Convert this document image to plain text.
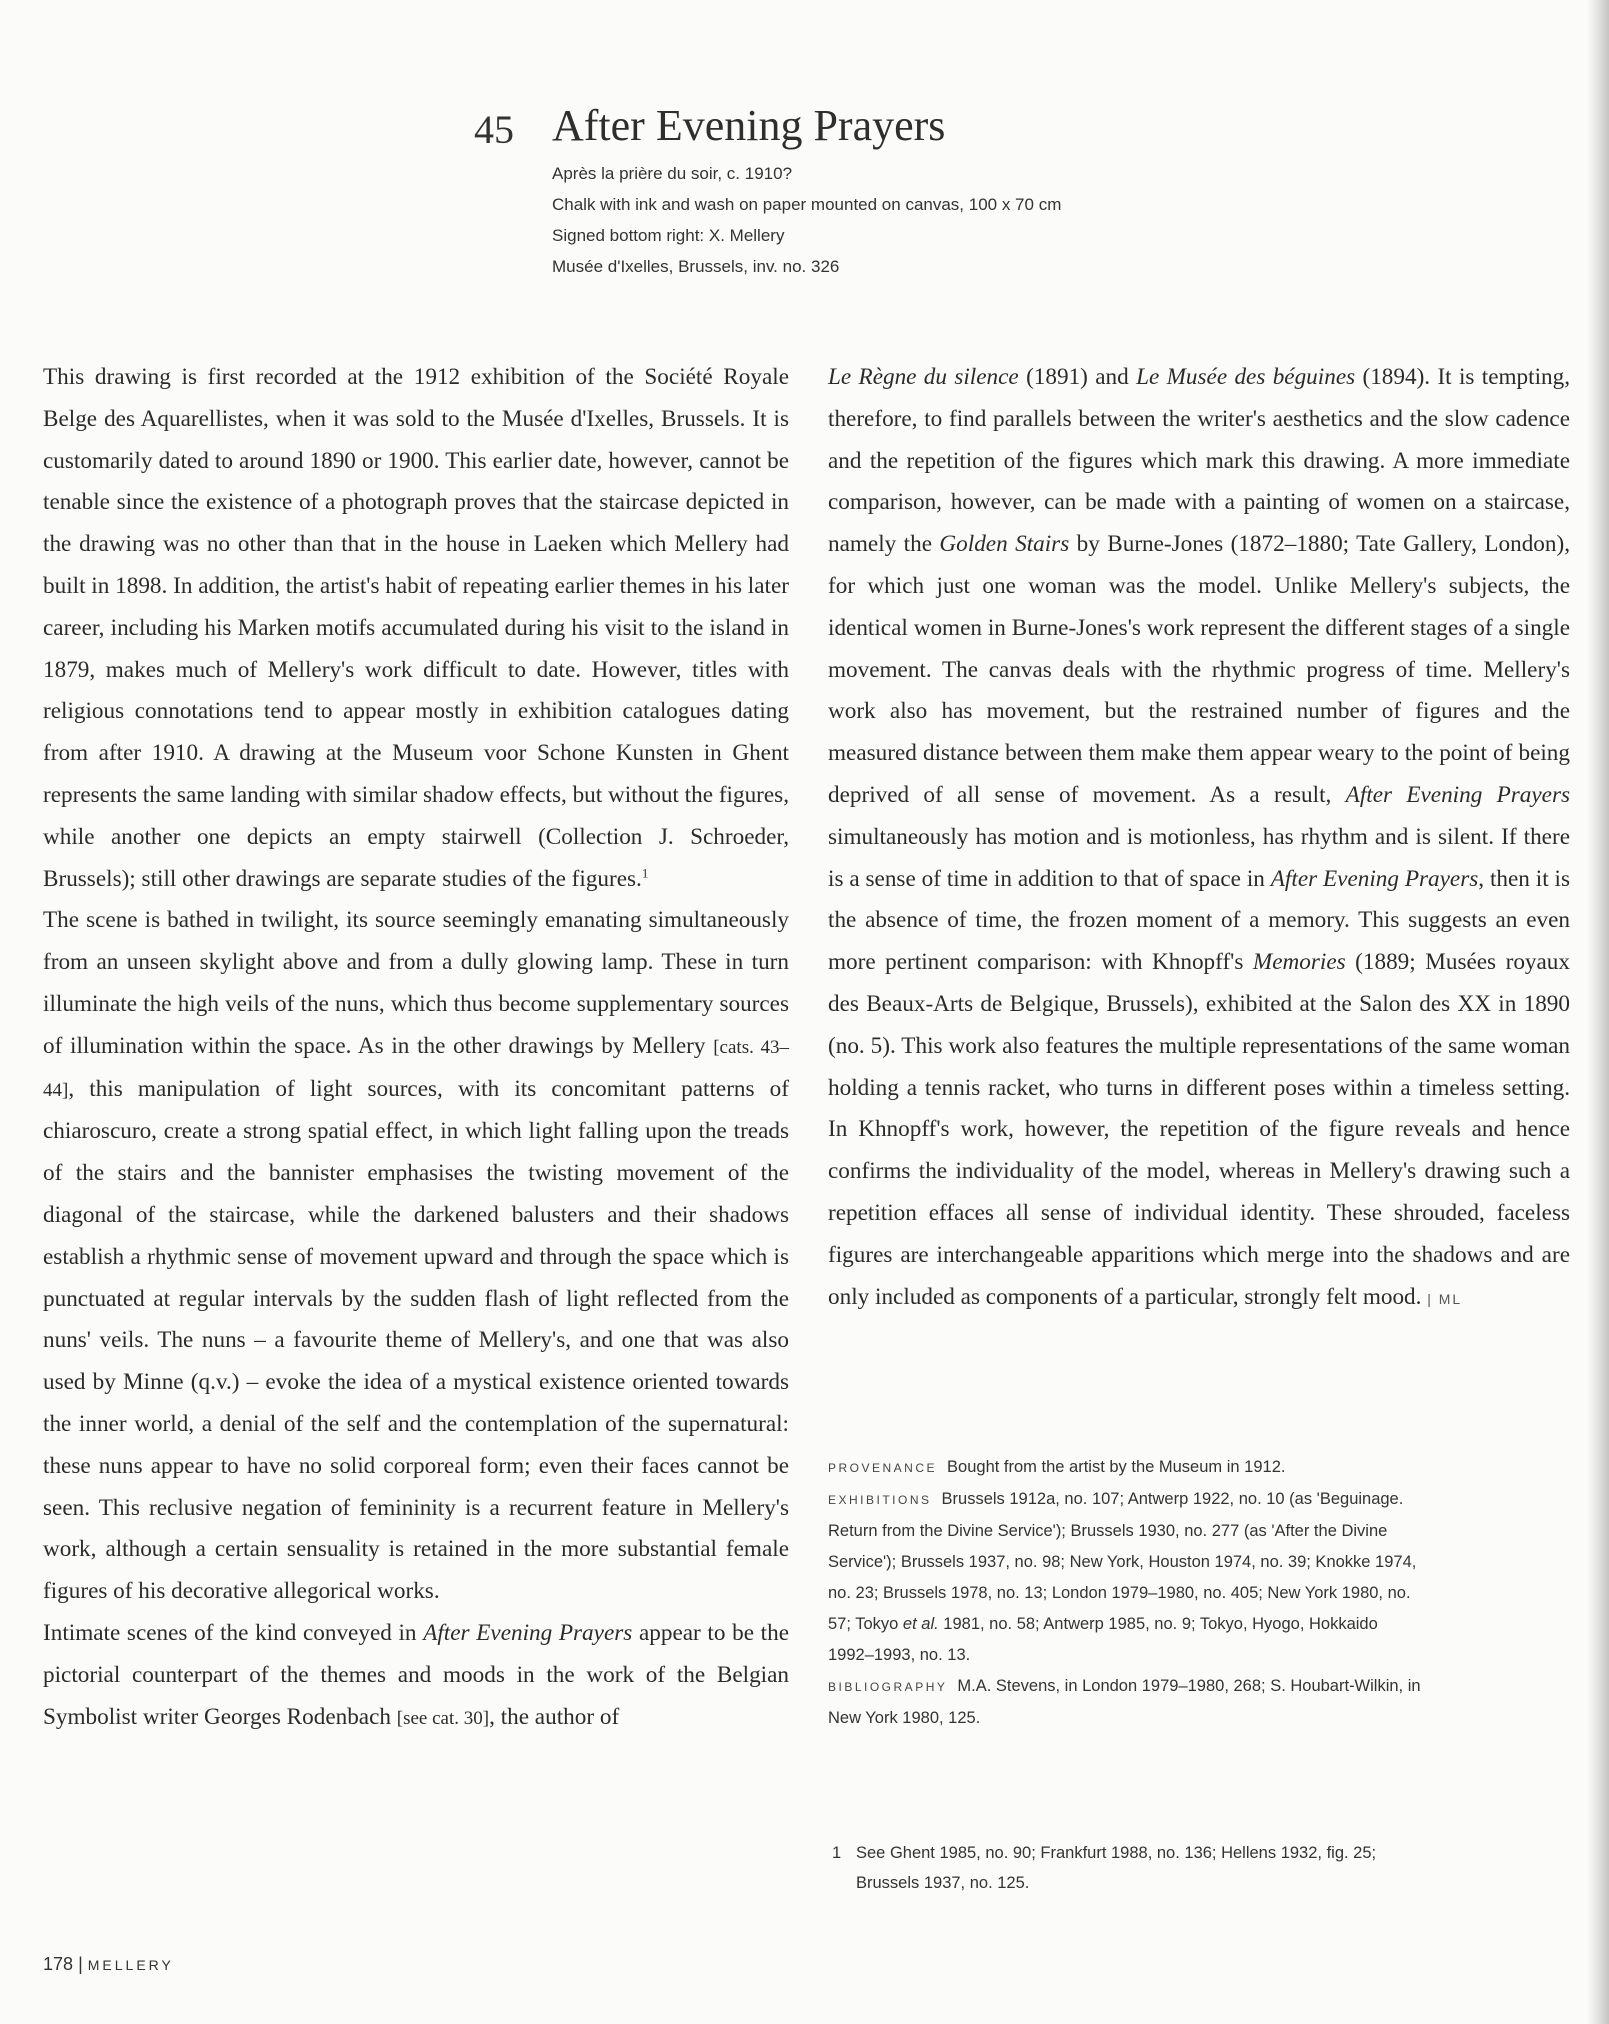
45 After Evening Prayers
Après la prière du soir, c. 1910?
Chalk with ink and wash on paper mounted on canvas, 100 x 70 cm
Signed bottom right: X. Mellery
Musée d'Ixelles, Brussels, inv. no. 326

This drawing is first recorded at the 1912 exhibition of the Société Royale Belge des Aquarellistes, when it was sold to the Musée d'Ixelles, Brussels. It is customarily dated to around 1890 or 1900. This earlier date, however, cannot be tenable since the existence of a photograph proves that the staircase depicted in the drawing was no other than that in the house in Laeken which Mellery had built in 1898. In addition, the artist's habit of repeating earlier themes in his later career, including his Marken motifs accumulated during his visit to the island in 1879, makes much of Mellery's work difficult to date. However, titles with religious connotations tend to appear mostly in exhibition catalogues dating from after 1910. A drawing at the Museum voor Schone Kunsten in Ghent represents the same landing with similar shadow effects, but without the figures, while another one depicts an empty stairwell (Collection J. Schroeder, Brussels); still other drawings are separate studies of the figures.$^1$

The scene is bathed in twilight, its source seemingly emanating simultaneously from an unseen skylight above and from a dully glowing lamp. These in turn illuminate the high veils of the nuns, which thus become supplementary sources of illumination within the space. As in the other drawings by Mellery [cats. 43–44], this manipulation of light sources, with its concomitant patterns of chiaroscuro, create a strong spatial effect, in which light falling upon the treads of the stairs and the bannister emphasises the twisting movement of the diagonal of the staircase, while the darkened balusters and their shadows establish a rhythmic sense of movement upward and through the space which is punctuated at regular intervals by the sudden flash of light reflected from the nuns' veils. The nuns – a favourite theme of Mellery's, and one that was also used by Minne (q.v.) – evoke the idea of a mystical existence oriented towards the inner world, a denial of the self and the contemplation of the supernatural: these nuns appear to have no solid corporeal form; even their faces cannot be seen. This reclusive negation of femininity is a recurrent feature in Mellery's work, although a certain sensuality is retained in the more substantial female figures of his decorative allegorical works.

Intimate scenes of the kind conveyed in After Evening Prayers appear to be the pictorial counterpart of the themes and moods in the work of the Belgian Symbolist writer Georges Rodenbach [see cat. 30], the author of

Le Règne du silence (1891) and Le Musée des béguines (1894). It is tempting, therefore, to find parallels between the writer's aesthetics and the slow cadence and the repetition of the figures which mark this drawing. A more immediate comparison, however, can be made with a painting of women on a staircase, namely the Golden Stairs by Burne-Jones (1872–1880; Tate Gallery, London), for which just one woman was the model. Unlike Mellery's subjects, the identical women in Burne-Jones's work represent the different stages of a single movement. The canvas deals with the rhythmic progress of time. Mellery's work also has movement, but the restrained number of figures and the measured distance between them make them appear weary to the point of being deprived of all sense of movement. As a result, After Evening Prayers simultaneously has motion and is motionless, has rhythm and is silent. If there is a sense of time in addition to that of space in After Evening Prayers, then it is the absence of time, the frozen moment of a memory. This suggests an even more pertinent comparison: with Khnopff's Memories (1889; Musées royaux des Beaux-Arts de Belgique, Brussels), exhibited at the Salon des XX in 1890 (no. 5). This work also features the multiple representations of the same woman holding a tennis racket, who turns in different poses within a timeless setting. In Khnopff's work, however, the repetition of the figure reveals and hence confirms the individuality of the model, whereas in Mellery's drawing such a repetition effaces all sense of individual identity. These shrouded, faceless figures are interchangeable apparitions which merge into the shadows and are only included as components of a particular, strongly felt mood. | ML

PROVENANCE Bought from the artist by the Museum in 1912.

EXHIBITIONS Brussels 1912a, no. 107; Antwerp 1922, no. 10 (as 'Beguinage. Return from the Divine Service'); Brussels 1930, no. 277 (as 'After the Divine Service'); Brussels 1937, no. 98; New York, Houston 1974, no. 39; Knokke 1974, no. 23; Brussels 1978, no. 13; London 1979–1980, no. 405; New York 1980, no. 57; Tokyo et al. 1981, no. 58; Antwerp 1985, no. 9; Tokyo, Hyogo, Hokkaido 1992–1993, no. 13.

BIBLIOGRAPHY M.A. Stevens, in London 1979–1980, 268; S. Houbart-Wilkin, in New York 1980, 125.

1 See Ghent 1985, no. 90; Frankfurt 1988, no. 136; Hellens 1932, fig. 25; Brussels 1937, no. 125.
178 | MELLERY
